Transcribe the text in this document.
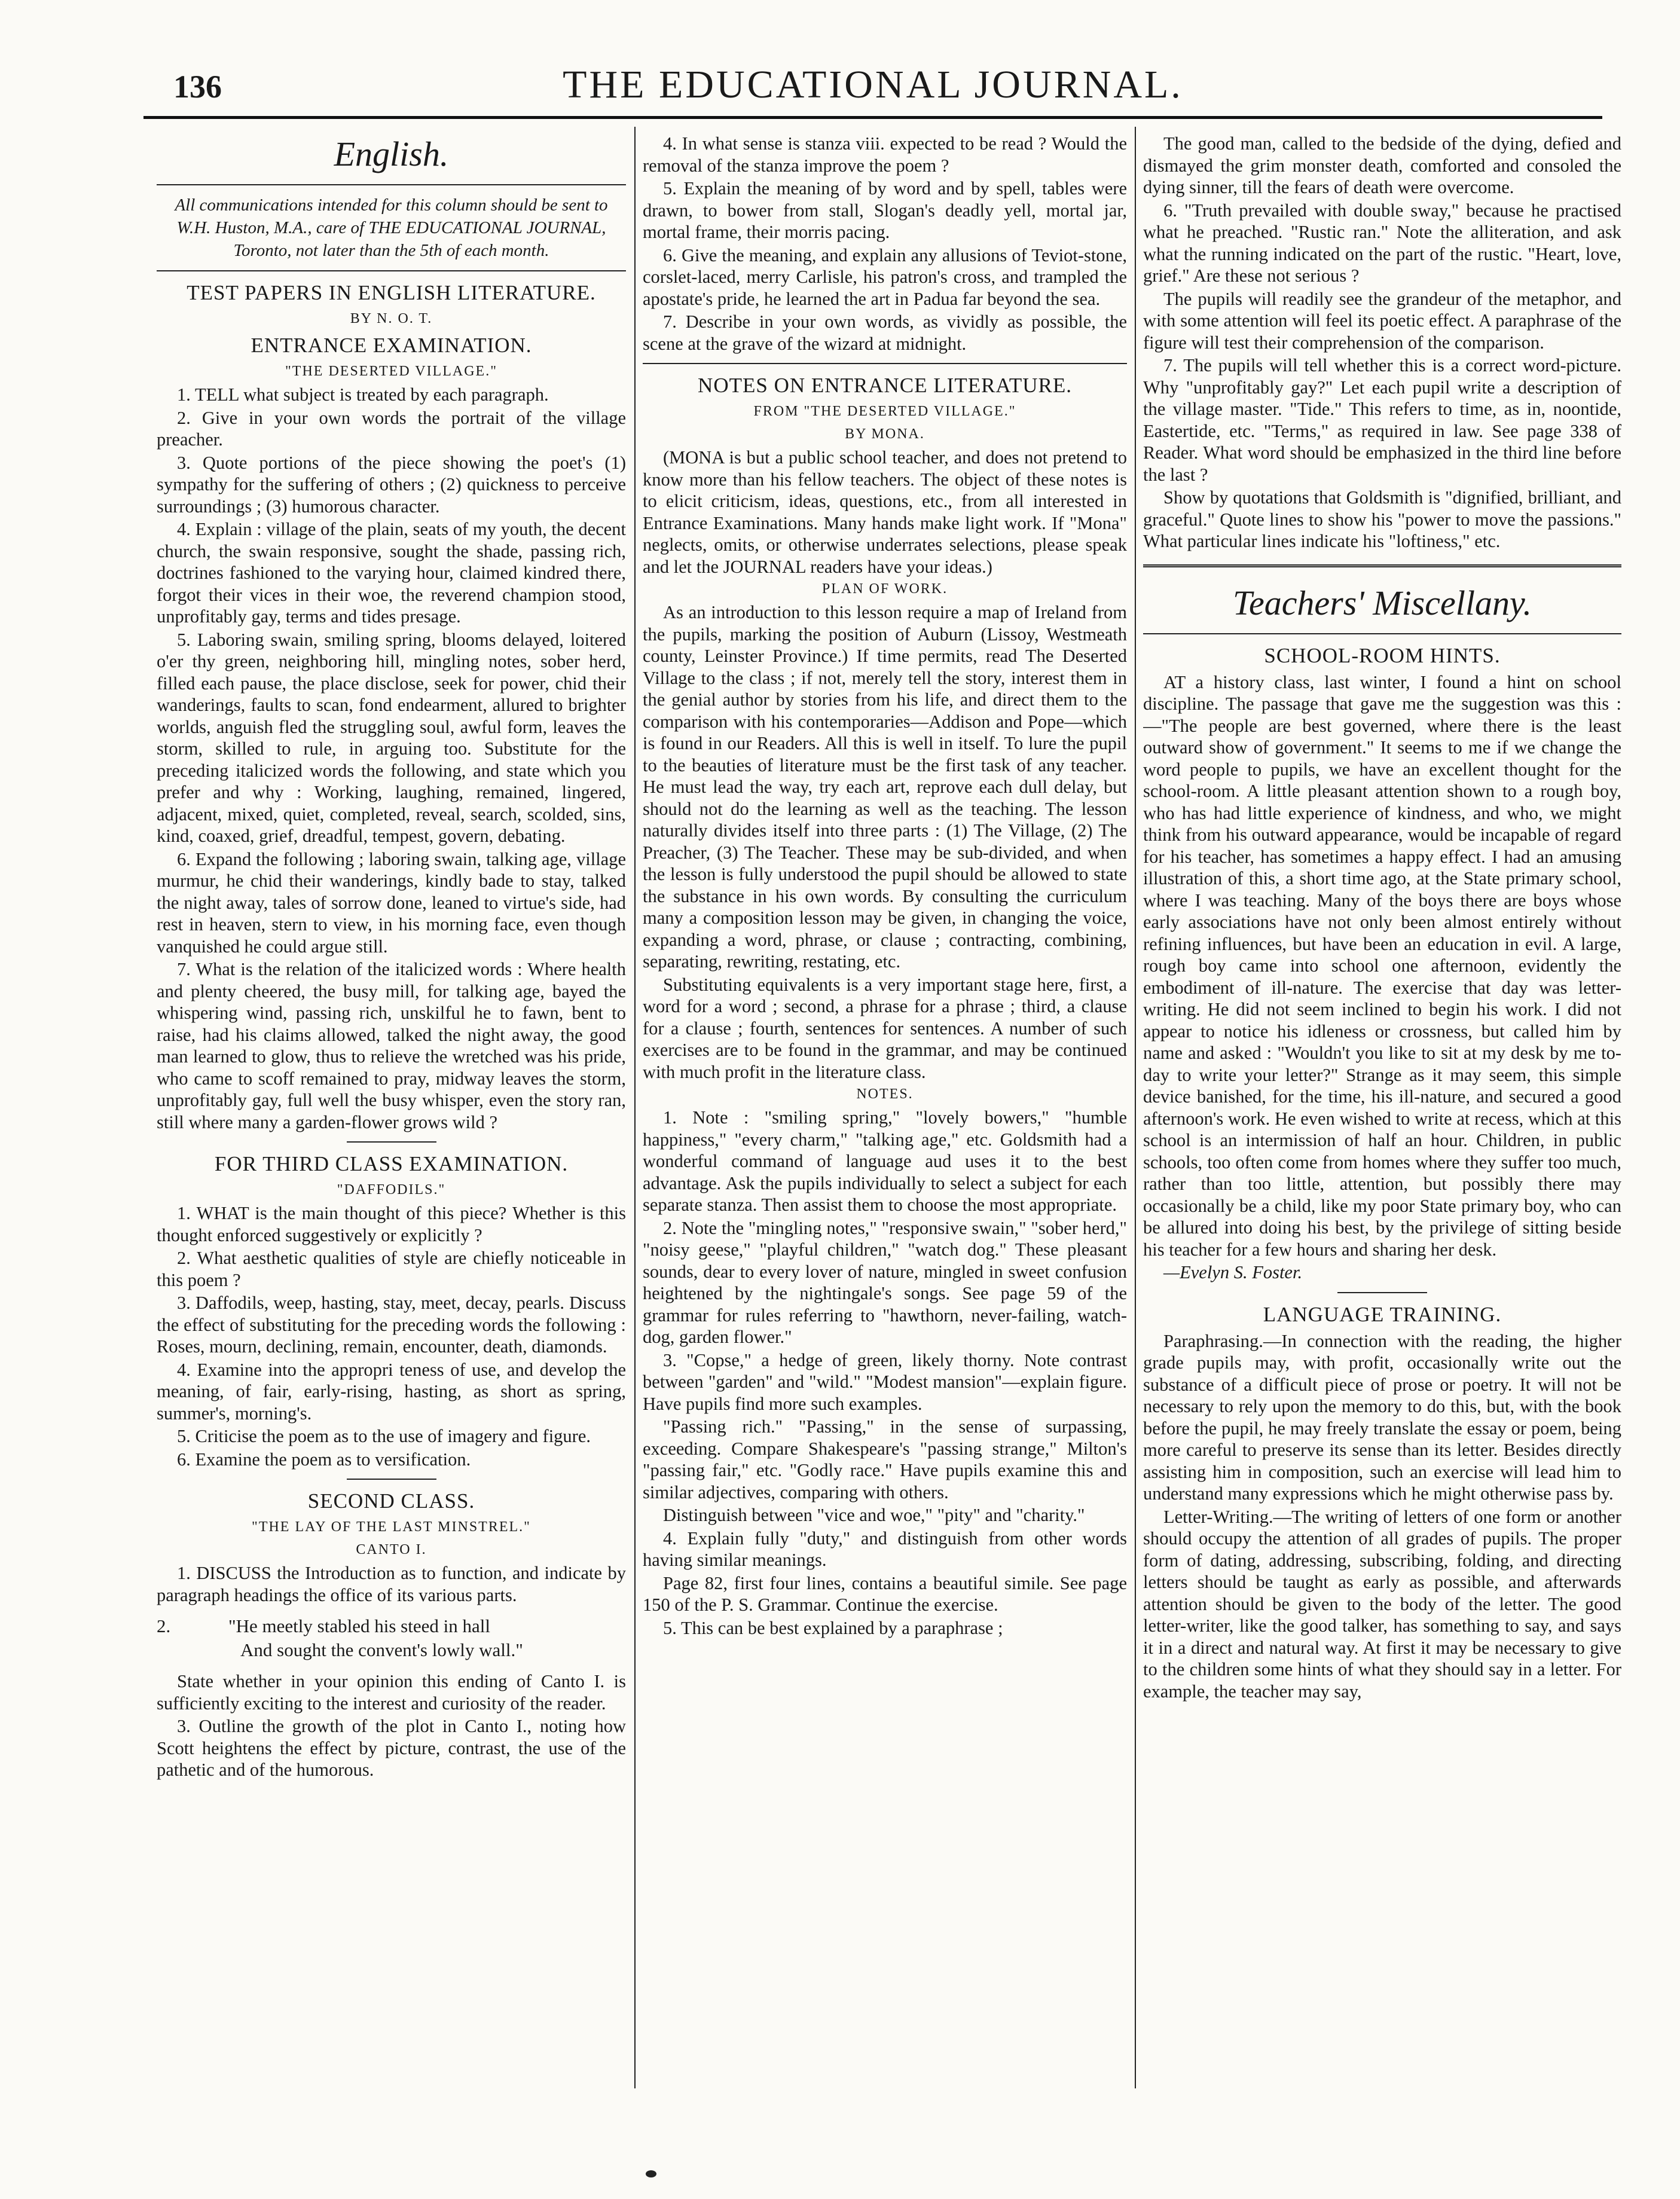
136	THE EDUCATIONAL JOURNAL.
English.
All communications intended for this column should be sent to W.H. Huston, M.A., care of THE EDUCATIONAL JOURNAL, Toronto, not later than the 5th of each month.
TEST PAPERS IN ENGLISH LITERATURE.
BY N. O. T.
ENTRANCE EXAMINATION.
"THE DESERTED VILLAGE."

1. TELL what subject is treated by each paragraph.

2. Give in your own words the portrait of the village preacher.

3. Quote portions of the piece showing the poet's (1) sympathy for the suffering of others ; (2) quickness to perceive surroundings ; (3) humorous character.

4. Explain : village of the plain, seats of my youth, the decent church, the swain responsive, sought the shade, passing rich, doctrines fashioned to the varying hour, claimed kindred there, forgot their vices in their woe, the reverend champion stood, unprofitably gay, terms and tides presage.

5. Laboring swain, smiling spring, blooms delayed, loitered o'er thy green, neighboring hill, mingling notes, sober herd, filled each pause, the place disclose, seek for power, chid their wanderings, faults to scan, fond endearment, allured to brighter worlds, anguish fled the struggling soul, awful form, leaves the storm, skilled to rule, in arguing too. Substitute for the preceding italicized words the following, and state which you prefer and why : Working, laughing, remained, lingered, adjacent, mixed, quiet, completed, reveal, search, scolded, sins, kind, coaxed, grief, dreadful, tempest, govern, debating.

6. Expand the following ; laboring swain, talking age, village murmur, he chid their wanderings, kindly bade to stay, talked the night away, tales of sorrow done, leaned to virtue's side, had rest in heaven, stern to view, in his morning face, even though vanquished he could argue still.

7. What is the relation of the italicized words : Where health and plenty cheered, the busy mill, for talking age, bayed the whispering wind, passing rich, unskilful he to fawn, bent to raise, had his claims allowed, talked the night away, the good man learned to glow, thus to relieve the wretched was his pride, who came to scoff remained to pray, midway leaves the storm, unprofitably gay, full well the busy whisper, even the story ran, still where many a garden-flower grows wild ?

FOR THIRD CLASS EXAMINATION.
"DAFFODILS."

1. WHAT is the main thought of this piece? Whether is this thought enforced suggestively or explicitly ?

2. What aesthetic qualities of style are chiefly noticeable in this poem ?

3. Daffodils, weep, hasting, stay, meet, decay, pearls. Discuss the effect of substituting for the preceding words the following : Roses, mourn, declining, remain, encounter, death, diamonds.

4. Examine into the appropri teness of use, and develop the meaning, of fair, early-rising, hasting, as short as spring, summer's, morning's.

5. Criticise the poem as to the use of imagery and figure.

6. Examine the poem as to versification.

SECOND CLASS.
"THE LAY OF THE LAST MINSTREL."
CANTO I.

1. DISCUSS the Introduction as to function, and indicate by paragraph headings the office of its various parts.

2.	"He meetly stabled his steed in hall
And sought the convent's lowly wall."

State whether in your opinion this ending of Canto I. is sufficiently exciting to the interest and curiosity of the reader.

3. Outline the growth of the plot in Canto I., noting how Scott heightens the effect by picture, contrast, the use of the pathetic and of the humorous.

4. In what sense is stanza viii. expected to be read ? Would the removal of the stanza improve the poem ?

5. Explain the meaning of by word and by spell, tables were drawn, to bower from stall, Slogan's deadly yell, mortal jar, mortal frame, their morris pacing.

6. Give the meaning, and explain any allusions of Teviot-stone, corslet-laced, merry Carlisle, his patron's cross, and trampled the apostate's pride, he learned the art in Padua far beyond the sea.

7. Describe in your own words, as vividly as possible, the scene at the grave of the wizard at midnight.

NOTES ON ENTRANCE LITERATURE.
FROM "THE DESERTED VILLAGE."
BY MONA.

(MONA is but a public school teacher, and does not pretend to know more than his fellow teachers. The object of these notes is to elicit criticism, ideas, questions, etc., from all interested in Entrance Examinations. Many hands make light work. If "Mona" neglects, omits, or otherwise underrates selections, please speak and let the JOURNAL readers have your ideas.)

PLAN OF WORK.

As an introduction to this lesson require a map of Ireland from the pupils, marking the position of Auburn (Lissoy, Westmeath county, Leinster Province.) If time permits, read The Deserted Village to the class ; if not, merely tell the story, interest them in the genial author by stories from his life, and direct them to the comparison with his contemporaries—Addison and Pope—which is found in our Readers. All this is well in itself. To lure the pupil to the beauties of literature must be the first task of any teacher. He must lead the way, try each art, reprove each dull delay, but should not do the learning as well as the teaching. The lesson naturally divides itself into three parts : (1) The Village, (2) The Preacher, (3) The Teacher. These may be sub-divided, and when the lesson is fully understood the pupil should be allowed to state the substance in his own words. By consulting the curriculum many a composition lesson may be given, in changing the voice, expanding a word, phrase, or clause ; contracting, combining, separating, rewriting, restating, etc.

Substituting equivalents is a very important stage here, first, a word for a word ; second, a phrase for a phrase ; third, a clause for a clause ; fourth, sentences for sentences. A number of such exercises are to be found in the grammar, and may be continued with much profit in the literature class.

NOTES.

1. Note : "smiling spring," "lovely bowers," "humble happiness," "every charm," "talking age," etc. Goldsmith had a wonderful command of language aud uses it to the best advantage. Ask the pupils individually to select a subject for each separate stanza. Then assist them to choose the most appropriate.

2. Note the "mingling notes," "responsive swain," "sober herd," "noisy geese," "playful children," "watch dog." These pleasant sounds, dear to every lover of nature, mingled in sweet confusion heightened by the nightingale's songs. See page 59 of the grammar for rules referring to "hawthorn, never-failing, watch-dog, garden flower."

3. "Copse," a hedge of green, likely thorny. Note contrast between "garden" and "wild." "Modest mansion"—explain figure. Have pupils find more such examples.

"Passing rich." "Passing," in the sense of surpassing, exceeding. Compare Shakespeare's "passing strange," Milton's "passing fair," etc. "Godly race." Have pupils examine this and similar adjectives, comparing with others.

Distinguish between "vice and woe," "pity" and "charity."

4. Explain fully "duty," and distinguish from other words having similar meanings.

Page 82, first four lines, contains a beautiful simile. See page 150 of the P. S. Grammar. Continue the exercise.

5. This can be best explained by a paraphrase ;

The good man, called to the bedside of the dying, defied and dismayed the grim monster death, comforted and consoled the dying sinner, till the fears of death were overcome.

6. "Truth prevailed with double sway," because he practised what he preached. "Rustic ran." Note the alliteration, and ask what the running indicated on the part of the rustic. "Heart, love, grief." Are these not serious ?

The pupils will readily see the grandeur of the metaphor, and with some attention will feel its poetic effect. A paraphrase of the figure will test their comprehension of the comparison.

7. The pupils will tell whether this is a correct word-picture. Why "unprofitably gay?" Let each pupil write a description of the village master. "Tide." This refers to time, as in, noontide, Eastertide, etc. "Terms," as required in law. See page 338 of Reader. What word should be emphasized in the third line before the last ?

Show by quotations that Goldsmith is "dignified, brilliant, and graceful." Quote lines to show his "power to move the passions." What particular lines indicate his "loftiness," etc.

Teachers' Miscellany.
SCHOOL-ROOM HINTS.

AT a history class, last winter, I found a hint on school discipline. The passage that gave me the suggestion was this :—"The people are best governed, where there is the least outward show of government." It seems to me if we change the word people to pupils, we have an excellent thought for the school-room. A little pleasant attention shown to a rough boy, who has had little experience of kindness, and who, we might think from his outward appearance, would be incapable of regard for his teacher, has sometimes a happy effect. I had an amusing illustration of this, a short time ago, at the State primary school, where I was teaching. Many of the boys there are boys whose early associations have not only been almost entirely without refining influences, but have been an education in evil. A large, rough boy came into school one afternoon, evidently the embodiment of ill-nature. The exercise that day was letter-writing. He did not seem inclined to begin his work. I did not appear to notice his idleness or crossness, but called him by name and asked : "Wouldn't you like to sit at my desk by me to-day to write your letter?" Strange as it may seem, this simple device banished, for the time, his ill-nature, and secured a good afternoon's work. He even wished to write at recess, which at this school is an intermission of half an hour. Children, in public schools, too often come from homes where they suffer too much, rather than too little, attention, but possibly there may occasionally be a child, like my poor State primary boy, who can be allured into doing his best, by the privilege of sitting beside his teacher for a few hours and sharing her desk.

—Evelyn S. Foster.

LANGUAGE TRAINING.

Paraphrasing.—In connection with the reading, the higher grade pupils may, with profit, occasionally write out the substance of a difficult piece of prose or poetry. It will not be necessary to rely upon the memory to do this, but, with the book before the pupil, he may freely translate the essay or poem, being more careful to preserve its sense than its letter. Besides directly assisting him in composition, such an exercise will lead him to understand many expressions which he might otherwise pass by.

Letter-Writing.—The writing of letters of one form or another should occupy the attention of all grades of pupils. The proper form of dating, addressing, subscribing, folding, and directing letters should be taught as early as possible, and afterwards attention should be given to the body of the letter. The good letter-writer, like the good talker, has something to say, and says it in a direct and natural way. At first it may be necessary to give to the children some hints of what they should say in a letter. For example, the teacher may say,
